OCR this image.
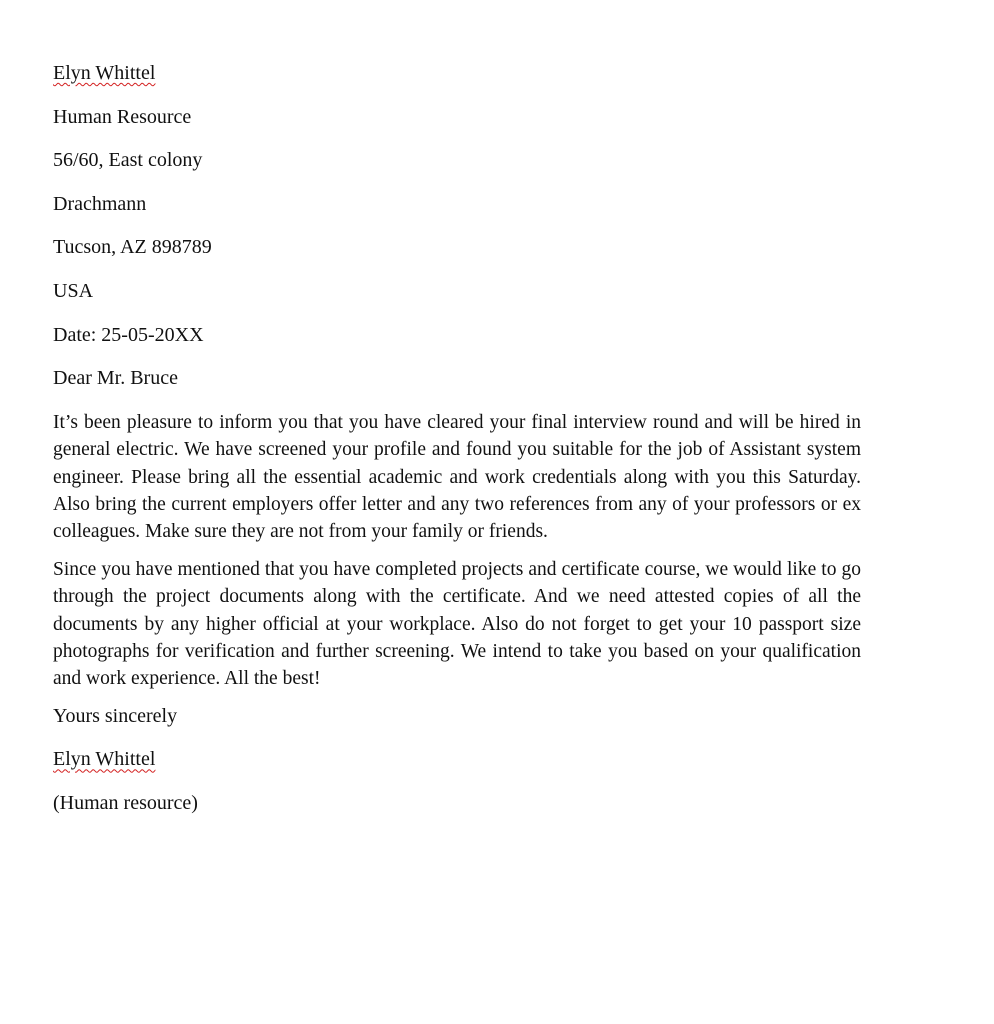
Elyn Whittel
Human Resource
56/60, East colony
Drachmann
Tucson, AZ 898789
USA
Date: 25-05-20XX
Dear Mr. Bruce

It’s been pleasure to inform you that you have cleared your final interview round and will be hired in general electric. We have screened your profile and found you suitable for the job of Assistant system engineer. Please bring all the essential academic and work credentials along with you this Saturday. Also bring the current employers offer letter and any two references from any of your professors or ex colleagues. Make sure they are not from your family or friends.

Since you have mentioned that you have completed projects and certificate course, we would like to go through the project documents along with the certificate. And we need attested copies of all the documents by any higher official at your workplace. Also do not forget to get your 10 passport size photographs for verification and further screening. We intend to take you based on your qualification and work experience. All the best!

Yours sincerely
Elyn Whittel
(Human resource)
